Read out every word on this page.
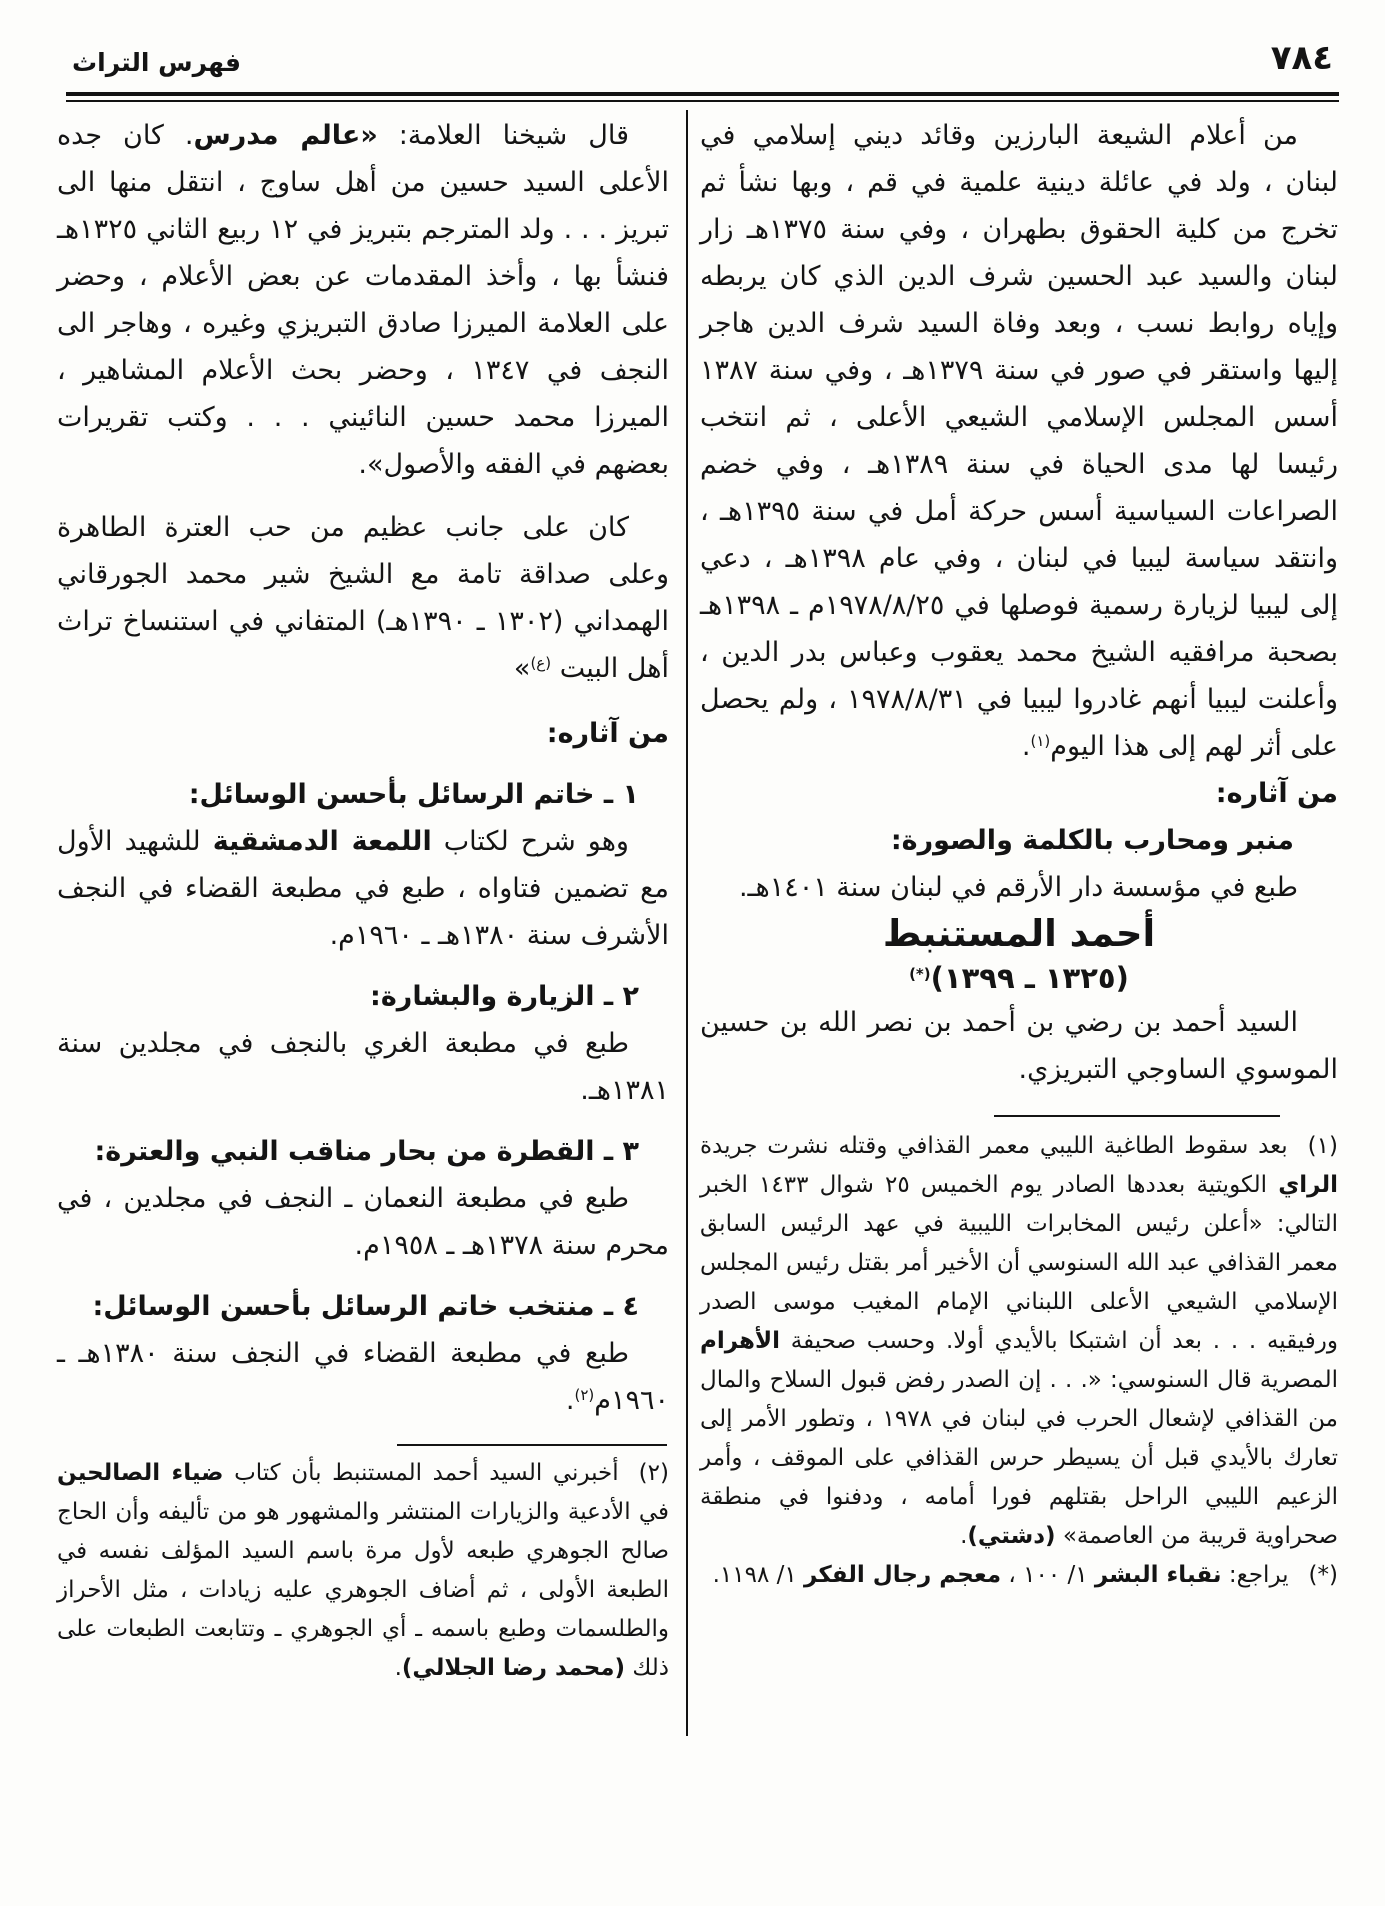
فهرس التراث	٧٨٤

من أعلام الشيعة البارزين وقائد ديني إسلامي في لبنان ، ولد في عائلة دينية علمية في قم ، وبها نشأ ثم تخرج من كلية الحقوق بطهران ، وفي سنة ١٣٧٥هـ زار لبنان والسيد عبد الحسين شرف الدين الذي كان يربطه وإياه روابط نسب ، وبعد وفاة السيد شرف الدين هاجر إليها واستقر في صور في سنة ١٣٧٩هـ ، وفي سنة ١٣٨٧ أسس المجلس الإسلامي الشيعي الأعلى ، ثم انتخب رئيسا لها مدى الحياة في سنة ١٣٨٩هـ ، وفي خضم الصراعات السياسية أسس حركة أمل في سنة ١٣٩٥هـ ، وانتقد سياسة ليبيا في لبنان ، وفي عام ١٣٩٨هـ ، دعي إلى ليبيا لزيارة رسمية فوصلها في ١٩٧٨/٨/٢٥م ـ ١٣٩٨هـ بصحبة مرافقيه الشيخ محمد يعقوب وعباس بدر الدين ، وأعلنت ليبيا أنهم غادروا ليبيا في ١٩٧٨/٨/٣١ ، ولم يحصل على أثر لهم إلى هذا اليوم$^{(١)}$.

من آثاره:

منبر ومحارب بالكلمة والصورة:

طبع في مؤسسة دار الأرقم في لبنان سنة ١٤٠١هـ.

أحمد المستنبط

(١٣٢٥ ـ ١٣٩٩)(*)

السيد أحمد بن رضي بن أحمد بن نصر الله بن حسين الموسوي الساوجي التبريزي.

(١)بعد سقوط الطاغية الليبي معمر القذافي وقتله نشرت جريدة الراي الكويتية بعددها الصادر يوم الخميس ٢٥ شوال ١٤٣٣ الخبر التالي: «أعلن رئيس المخابرات الليبية في عهد الرئيس السابق معمر القذافي عبد الله السنوسي أن الأخير أمر بقتل رئيس المجلس الإسلامي الشيعي الأعلى اللبناني الإمام المغيب موسى الصدر ورفيقيه . . . بعد أن اشتبكا بالأيدي أولا. وحسب صحيفة الأهرام المصرية قال السنوسي: «. . . إن الصدر رفض قبول السلاح والمال من القذافي لإشعال الحرب في لبنان في ١٩٧٨ ، وتطور الأمر إلى تعارك بالأيدي قبل أن يسيطر حرس القذافي على الموقف ، وأمر الزعيم الليبي الراحل بقتلهم فورا أمامه ، ودفنوا في منطقة صحراوية قريبة من العاصمة» (دشتي).

(*)يراجع: نقباء البشر ١/ ١٠٠ ، معجم رجال الفكر ١/ ١١٩٨.

قال شيخنا العلامة: «عالم مدرس. كان جده الأعلى السيد حسين من أهل ساوج ، انتقل منها الى تبريز . . . ولد المترجم بتبريز في ١٢ ربيع الثاني ١٣٢٥هـ فنشأ بها ، وأخذ المقدمات عن بعض الأعلام ، وحضر على العلامة الميرزا صادق التبريزي وغيره ، وهاجر الى النجف في ١٣٤٧ ، وحضر بحث الأعلام المشاهير ، الميرزا محمد حسين النائيني . . . وكتب تقريرات بعضهم في الفقه والأصول».

كان على جانب عظيم من حب العترة الطاهرة وعلى صداقة تامة مع الشيخ شير محمد الجورقاني الهمداني (١٣٠٢ ـ ١٣٩٠هـ) المتفاني في استنساخ تراث أهل البيت $^{(ع)}$»

من آثاره:

١ ـ خاتم الرسائل بأحسن الوسائل:

وهو شرح لكتاب اللمعة الدمشقية للشهيد الأول مع تضمين فتاواه ، طبع في مطبعة القضاء في النجف الأشرف سنة ١٣٨٠هـ ـ ١٩٦٠م.

٢ ـ الزيارة والبشارة:

طبع في مطبعة الغري بالنجف في مجلدين سنة ١٣٨١هـ.

٣ ـ القطرة من بحار مناقب النبي والعترة:

طبع في مطبعة النعمان ـ النجف في مجلدين ، في محرم سنة ١٣٧٨هـ ـ ١٩٥٨م.

٤ ـ منتخب خاتم الرسائل بأحسن الوسائل:

طبع في مطبعة القضاء في النجف سنة ١٣٨٠هـ ـ ١٩٦٠م$^{(٢)}$.

(٢)أخبرني السيد أحمد المستنبط بأن كتاب ضياء الصالحين في الأدعية والزيارات المنتشر والمشهور هو من تأليفه وأن الحاج صالح الجوهري طبعه لأول مرة باسم السيد المؤلف نفسه في الطبعة الأولى ، ثم أضاف الجوهري عليه زيادات ، مثل الأحراز والطلسمات وطبع باسمه ـ أي الجوهري ـ وتتابعت الطبعات على ذلك (محمد رضا الجلالي).
